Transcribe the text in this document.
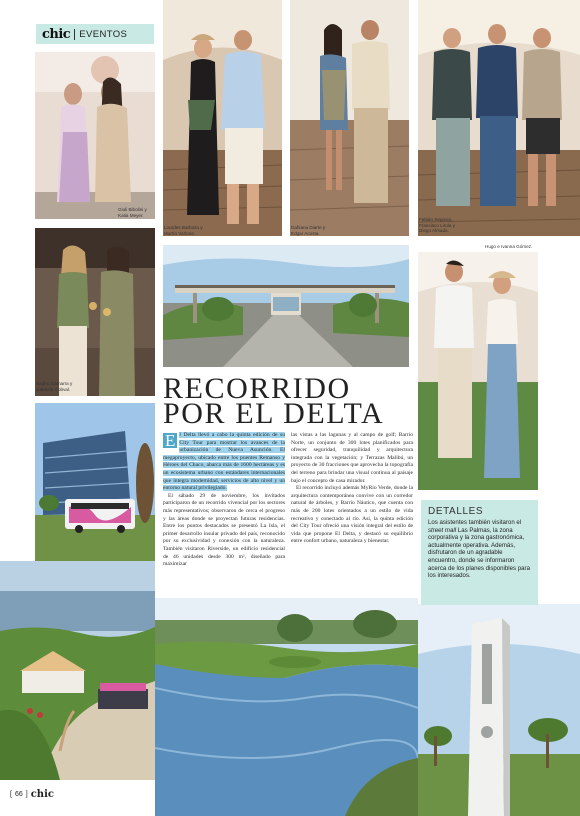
chic EVENTOS
Giuli Bibolini y Katia Meyer.
Lourdes Barboza y Martín Varlone.
Dahiana Diarte y Edgar Acosta.
Fabián Segovia, Francisco Lirola y Diego Almada.
Sadhu Gamarra y Gabriela Cobval.
Hugo e Ivanna Gómez.
RECORRIDO
POR EL DELTA

E l Delta llevó a cabo la quinta edición de su City Tour para mostrar los avances de la urbanización de Nueva Asunción. El megaproyecto, ubicado entre los puentes Remanso y Héroes del Chaco, abarca más de 1600 hectáreas y es un ecosistema urbano con estándares internacionales que integra modernidad, servicios de alto nivel y un entorno natural privilegiado.

El sábado 29 de noviembre, los invitados participaron de un recorrido vivencial por los sectores más representativos; observaron de cerca el progreso y las áreas donde se proyectan futuras residencias. Entre los puntos destacados se presentó La Isla, el primer desarrollo insular privado del país, reconocido por su exclusividad y conexión con la naturaleza. También visitaron Riverside, un edificio residencial de 46 unidades desde 300 m², diseñado para maximizar

las vistas a las lagunas y al campo de golf; Barrio Norte, un conjunto de 300 lotes planificados para ofrecer seguridad, tranquilidad y arquitectura integrada con la vegetación; y Terrazas Malibú, un proyecto de 30 fracciones que aprovecha la topografía del terreno para brindar una visual continua al paisaje bajo el concepto de casa mirador.

El recorrido incluyó además MyRío Verde, donde la arquitectura contemporánea convive con un corredor natural de árboles, y Barrio Náutico, que cuenta con más de 200 lotes orientados a un estilo de vida recreativo y conectado al río. Así, la quinta edición del City Tour ofreció una visión integral del estilo de vida que propone El Delta, y destacó su equilibrio entre confort urbano, naturaleza y bienestar.

DETALLES
Los asistentes también visitaron el street mall Las Palmas, la zona corporativa y la zona gastronómica, actualmente operativa. Además, disfrutaron de un agradable encuentro, donde se informaron acerca de los planes disponibles para los interesados.
[ 66 ] chic
